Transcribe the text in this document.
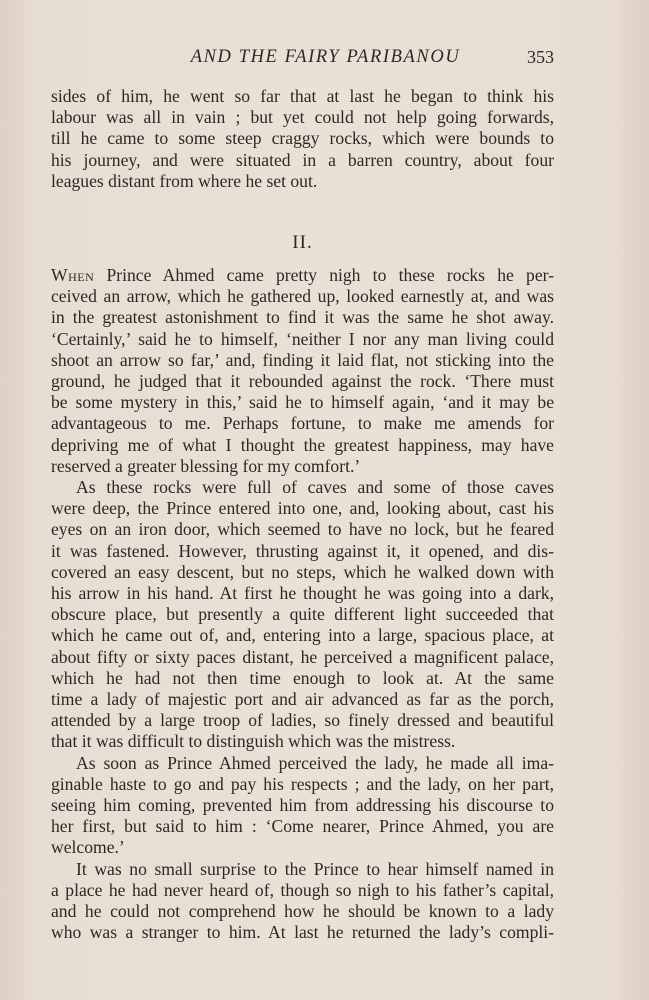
AND THE FAIRY PARIBANOU	353
sides of him, he went so far that at last he began to think his
labour was all in vain ; but yet could not help going forwards,
till he came to some steep craggy rocks, which were bounds to
his journey, and were situated in a barren country, about four
leagues distant from where he set out.
II.
When Prince Ahmed came pretty nigh to these rocks he per-
ceived an arrow, which he gathered up, looked earnestly at, and was
in the greatest astonishment to find it was the same he shot away.
‘Certainly,’ said he to himself, ‘neither I nor any man living could
shoot an arrow so far,’ and, finding it laid flat, not sticking into the
ground, he judged that it rebounded against the rock. ‘There must
be some mystery in this,’ said he to himself again, ‘and it may be
advantageous to me. Perhaps fortune, to make me amends for
depriving me of what I thought the greatest happiness, may have
reserved a greater blessing for my comfort.’
As these rocks were full of caves and some of those caves
were deep, the Prince entered into one, and, looking about, cast his
eyes on an iron door, which seemed to have no lock, but he feared
it was fastened. However, thrusting against it, it opened, and dis-
covered an easy descent, but no steps, which he walked down with
his arrow in his hand. At first he thought he was going into a dark,
obscure place, but presently a quite different light succeeded that
which he came out of, and, entering into a large, spacious place, at
about fifty or sixty paces distant, he perceived a magnificent palace,
which he had not then time enough to look at. At the same
time a lady of majestic port and air advanced as far as the porch,
attended by a large troop of ladies, so finely dressed and beautiful
that it was difficult to distinguish which was the mistress.
As soon as Prince Ahmed perceived the lady, he made all ima-
ginable haste to go and pay his respects ; and the lady, on her part,
seeing him coming, prevented him from addressing his discourse to
her first, but said to him : ‘Come nearer, Prince Ahmed, you are
welcome.’
It was no small surprise to the Prince to hear himself named in
a place he had never heard of, though so nigh to his father’s capital,
and he could not comprehend how he should be known to a lady
who was a stranger to him. At last he returned the lady’s compli-
